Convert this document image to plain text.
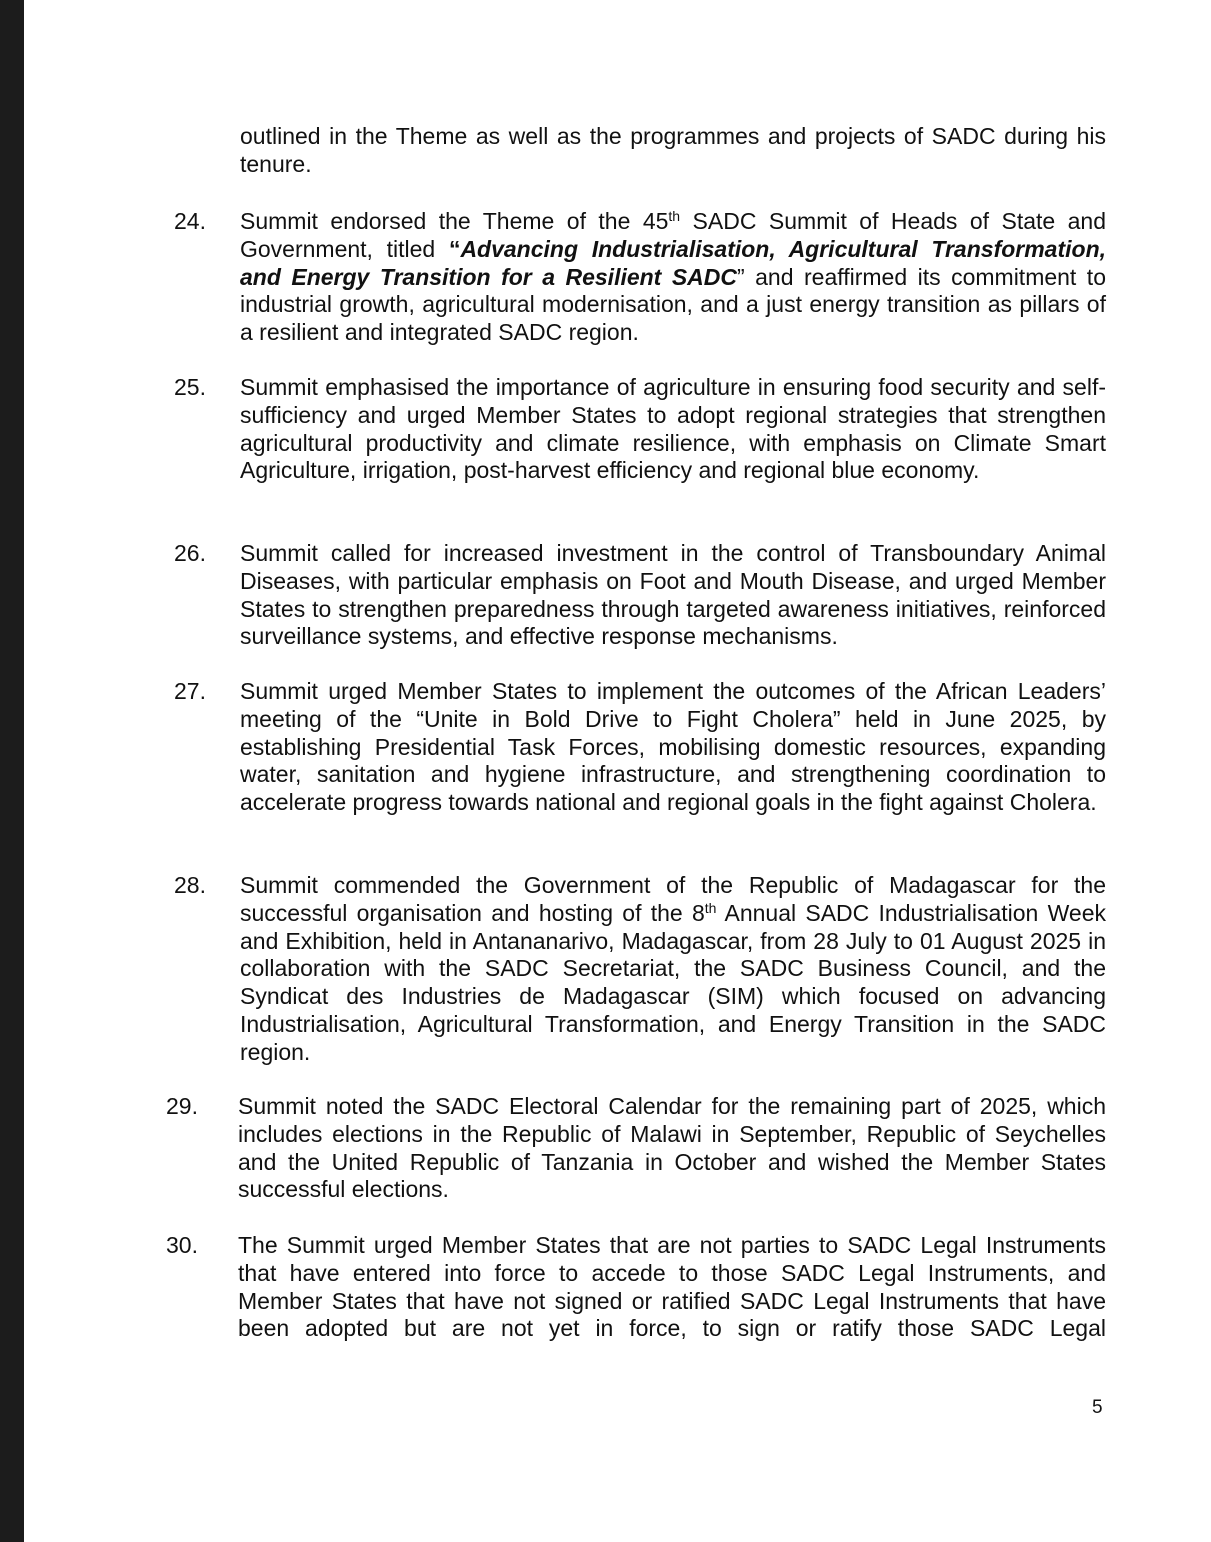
outlined in the Theme as well as the programmes and projects of SADC during his tenure.

24. Summit endorsed the Theme of the 45th SADC Summit of Heads of State and Government, titled “Advancing Industrialisation, Agricultural Transformation, and Energy Transition for a Resilient SADC” and reaffirmed its commitment to industrial growth, agricultural modernisation, and a just energy transition as pillars of a resilient and integrated SADC region.

25. Summit emphasised the importance of agriculture in ensuring food security and self-sufficiency and urged Member States to adopt regional strategies that strengthen agricultural productivity and climate resilience, with emphasis on Climate Smart Agriculture, irrigation, post-harvest efficiency and regional blue economy.

26. Summit called for increased investment in the control of Transboundary Animal Diseases, with particular emphasis on Foot and Mouth Disease, and urged Member States to strengthen preparedness through targeted awareness initiatives, reinforced surveillance systems, and effective response mechanisms.

27. Summit urged Member States to implement the outcomes of the African Leaders’ meeting of the “Unite in Bold Drive to Fight Cholera” held in June 2025, by establishing Presidential Task Forces, mobilising domestic resources, expanding water, sanitation and hygiene infrastructure, and strengthening coordination to accelerate progress towards national and regional goals in the fight against Cholera.

28. Summit commended the Government of the Republic of Madagascar for the successful organisation and hosting of the 8th Annual SADC Industrialisation Week and Exhibition, held in Antananarivo, Madagascar, from 28 July to 01 August 2025 in collaboration with the SADC Secretariat, the SADC Business Council, and the Syndicat des Industries de Madagascar (SIM) which focused on advancing Industrialisation, Agricultural Transformation, and Energy Transition in the SADC region.

29. Summit noted the SADC Electoral Calendar for the remaining part of 2025, which includes elections in the Republic of Malawi in September, Republic of Seychelles and the United Republic of Tanzania in October and wished the Member States successful elections.

30. The Summit urged Member States that are not parties to SADC Legal Instruments that have entered into force to accede to those SADC Legal Instruments, and Member States that have not signed or ratified SADC Legal Instruments that have been adopted but are not yet in force, to sign or ratify those SADC Legal

5
